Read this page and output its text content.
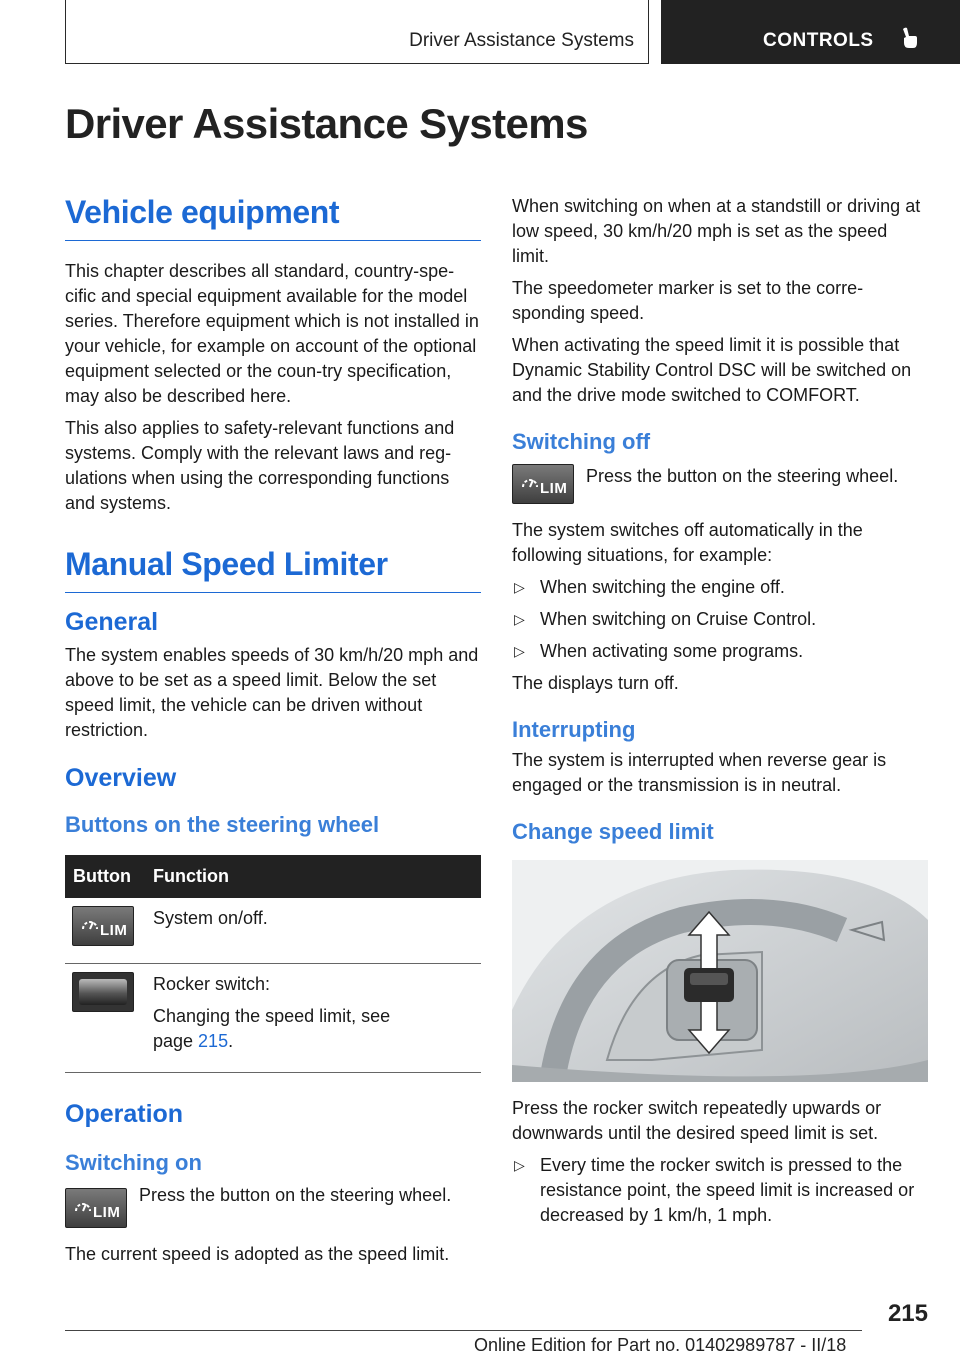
Driver Assistance Systems	CONTROLS
Driver Assistance Systems
Vehicle equipment

This chapter describes all standard, country-spe-cific and special equipment available for the model series. Therefore equipment which is not installed in your vehicle, for example on account of the optional equipment selected or the coun-try specification, may also be described here.

This also applies to safety-relevant functions and systems. Comply with the relevant laws and reg-ulations when using the corresponding functions and systems.

Manual Speed Limiter
General

The system enables speeds of 30 km/h/20 mph and above to be set as a speed limit. Below the set speed limit, the vehicle can be driven without restriction.

Overview
Buttons on the steering wheel
Button	Function

LIM	System on/off.

	Rocker switch:
Changing the speed limit, see
page 215.
Operation
Switching on
LIM
Press the button on the steering wheel.

The current speed is adopted as the speed limit.

When switching on when at a standstill or driving at low speed, 30 km/h/20 mph is set as the speed limit.

The speedometer marker is set to the corre-sponding speed.

When activating the speed limit it is possible that Dynamic Stability Control DSC will be switched on and the drive mode switched to COMFORT.

Switching off
LIM
Press the button on the steering wheel.

The system switches off automatically in the following situations, for example:

▷ When switching the engine off.
▷ When switching on Cruise Control.
▷ When activating some programs.

The displays turn off.

Interrupting

The system is interrupted when reverse gear is engaged or the transmission is in neutral.

Change speed limit

Press the rocker switch repeatedly upwards or downwards until the desired speed limit is set.

▷ Every time the rocker switch is pressed to the resistance point, the speed limit is increased or decreased by 1 km/h, 1 mph.
215
Online Edition for Part no. 01402989787 - II/18
